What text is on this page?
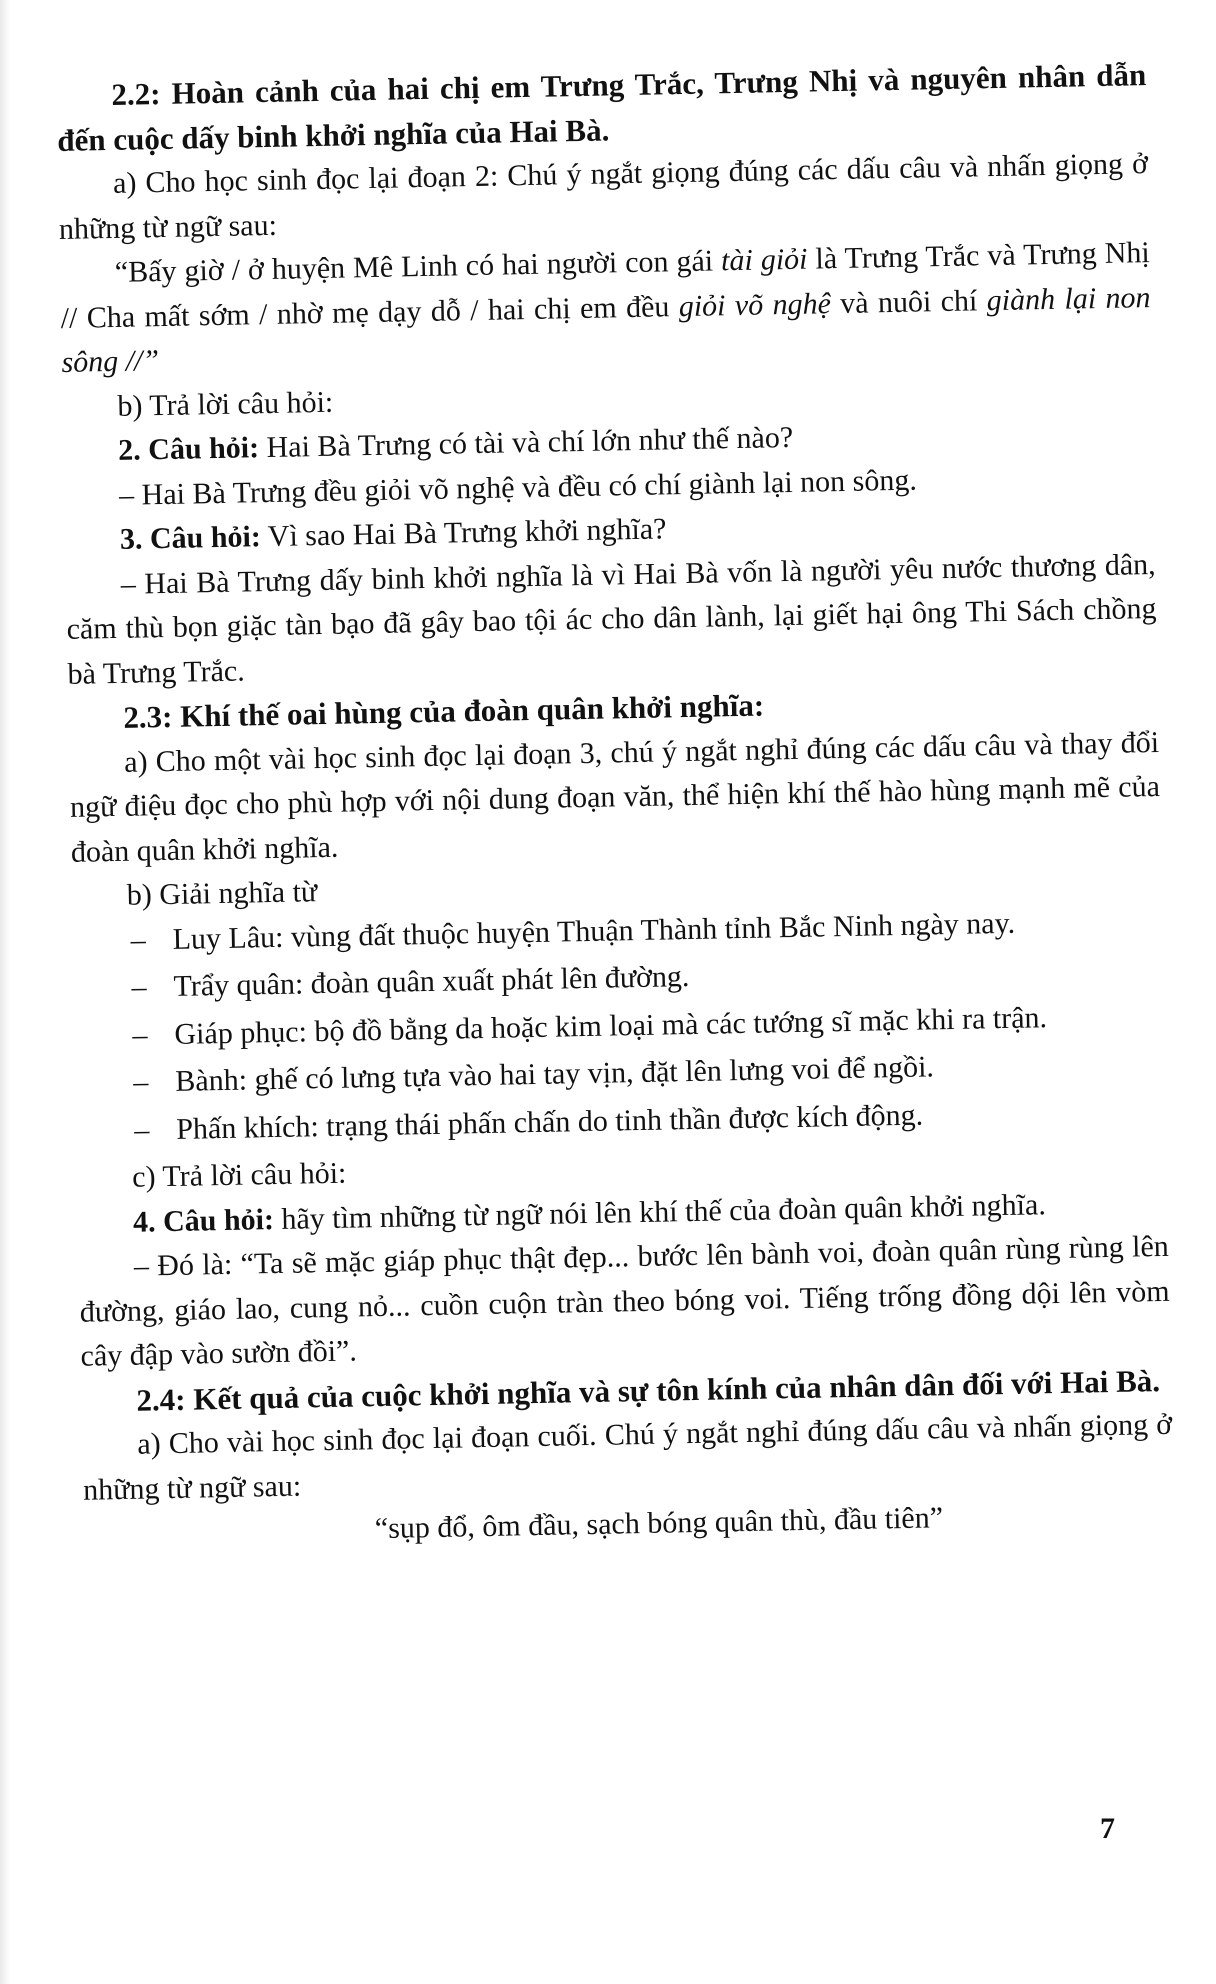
2.2: Hoàn cảnh của hai chị em Trưng Trắc, Trưng Nhị và nguyên nhân dẫn đến cuộc dấy binh khởi nghĩa của Hai Bà.

a) Cho học sinh đọc lại đoạn 2: Chú ý ngắt giọng đúng các dấu câu và nhấn giọng ở những từ ngữ sau:

“Bấy giờ / ở huyện Mê Linh có hai người con gái tài giỏi là Trưng Trắc và Trưng Nhị // Cha mất sớm / nhờ mẹ dạy dỗ / hai chị em đều giỏi võ nghệ và nuôi chí giành lại non sông //”

b) Trả lời câu hỏi:

2. Câu hỏi: Hai Bà Trưng có tài và chí lớn như thế nào?

– Hai Bà Trưng đều giỏi võ nghệ và đều có chí giành lại non sông.

3. Câu hỏi: Vì sao Hai Bà Trưng khởi nghĩa?

– Hai Bà Trưng dấy binh khởi nghĩa là vì Hai Bà vốn là người yêu nước thương dân, căm thù bọn giặc tàn bạo đã gây bao tội ác cho dân lành, lại giết hại ông Thi Sách chồng bà Trưng Trắc.

2.3: Khí thế oai hùng của đoàn quân khởi nghĩa:

a) Cho một vài học sinh đọc lại đoạn 3, chú ý ngắt nghỉ đúng các dấu câu và thay đổi ngữ điệu đọc cho phù hợp với nội dung đoạn văn, thể hiện khí thế hào hùng mạnh mẽ của đoàn quân khởi nghĩa.

b) Giải nghĩa từ

– Luy Lâu: vùng đất thuộc huyện Thuận Thành tỉnh Bắc Ninh ngày nay.

– Trẩy quân: đoàn quân xuất phát lên đường.

– Giáp phục: bộ đồ bằng da hoặc kim loại mà các tướng sĩ mặc khi ra trận.

– Bành: ghế có lưng tựa vào hai tay vịn, đặt lên lưng voi để ngồi.

– Phấn khích: trạng thái phấn chấn do tinh thần được kích động.

c) Trả lời câu hỏi:

4. Câu hỏi: hãy tìm những từ ngữ nói lên khí thế của đoàn quân khởi nghĩa.

– Đó là: “Ta sẽ mặc giáp phục thật đẹp... bước lên bành voi, đoàn quân rùng rùng lên đường, giáo lao, cung nỏ... cuồn cuộn tràn theo bóng voi. Tiếng trống đồng dội lên vòm cây đập vào sườn đồi”.

2.4: Kết quả của cuộc khởi nghĩa và sự tôn kính của nhân dân đối với Hai Bà.

a) Cho vài học sinh đọc lại đoạn cuối. Chú ý ngắt nghỉ đúng dấu câu và nhấn giọng ở những từ ngữ sau:

“sụp đổ, ôm đầu, sạch bóng quân thù, đầu tiên”

7
